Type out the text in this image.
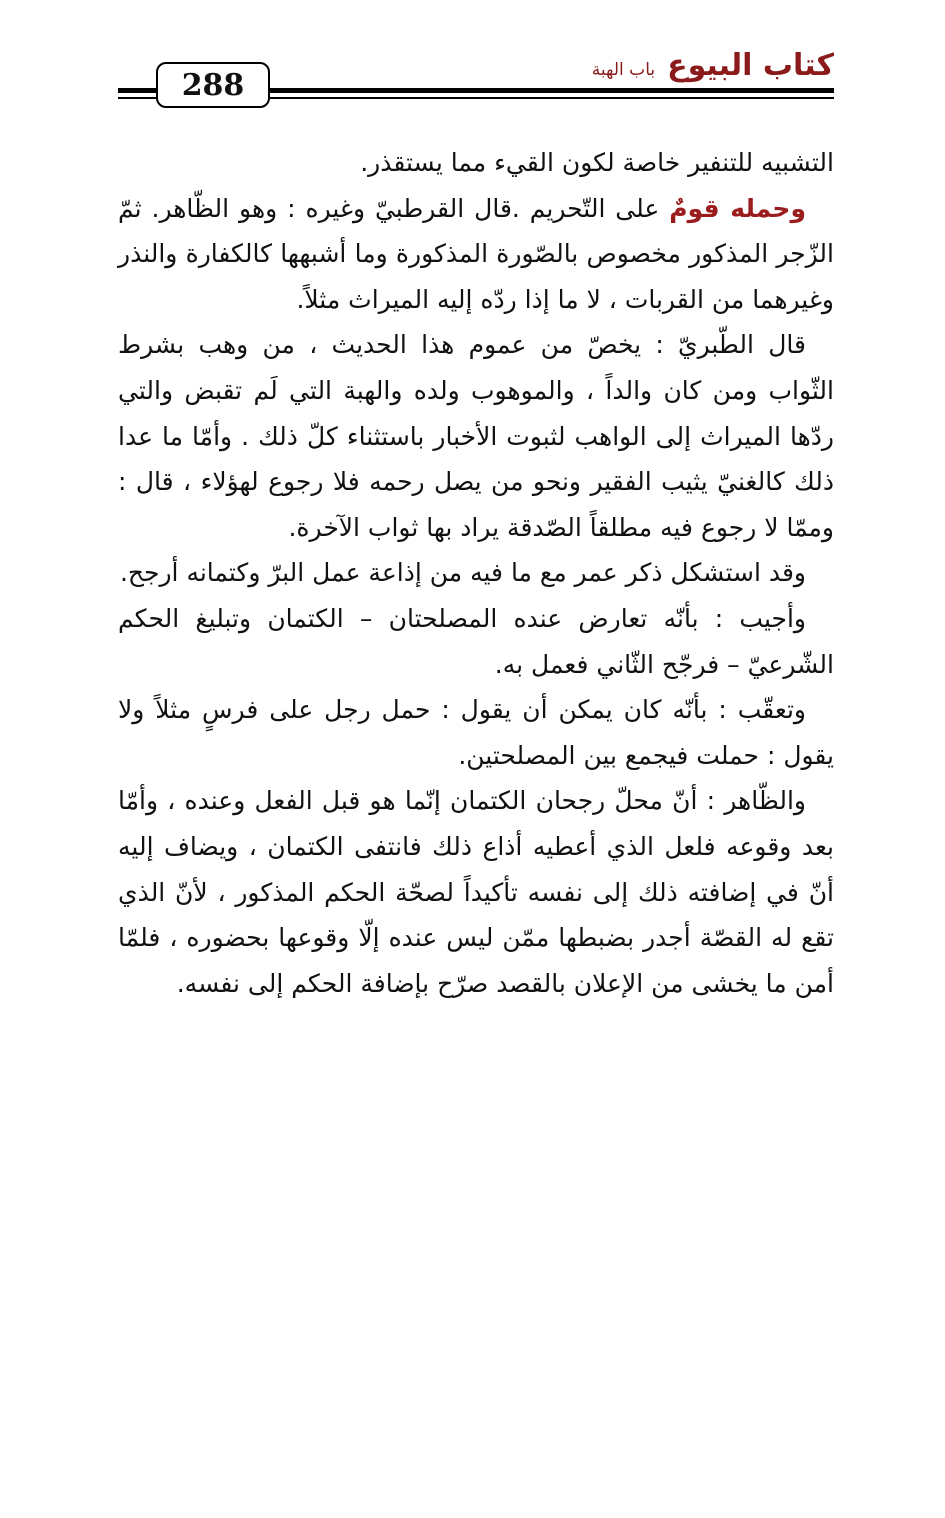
288
كتاب البيوع
باب الهبة

التشبيه للتنفير خاصة لكون القيء مما يستقذر.

وحمله قومٌ على التّحريم .قال القرطبيّ وغيره : وهو الظّاهر. ثمّ الزّجر المذكور مخصوص بالصّورة المذكورة وما أشبهها كالكفارة والنذر وغيرهما من القربات ، لا ما إذا ردّه إليه الميراث مثلاً.

قال الطّبريّ : يخصّ من عموم هذا الحديث ، من وهب بشرط الثّواب ومن كان والداً ، والموهوب ولده والهبة التي لَم تقبض والتي ردّها الميراث إلى الواهب لثبوت الأخبار باستثناء كلّ ذلك . وأمّا ما عدا ذلك كالغنيّ يثيب الفقير ونحو من يصل رحمه فلا رجوع لهؤلاء ، قال : وممّا لا رجوع فيه مطلقاً الصّدقة يراد بها ثواب الآخرة.

وقد استشكل ذكر عمر مع ما فيه من إذاعة عمل البرّ وكتمانه أرجح.

وأجيب : بأنّه تعارض عنده المصلحتان – الكتمان وتبليغ الحكم الشّرعيّ – فرجّح الثّاني فعمل به.

وتعقّب : بأنّه كان يمكن أن يقول : حمل رجل على فرسٍ مثلاً ولا يقول : حملت فيجمع بين المصلحتين.

والظّاهر : أنّ محلّ رجحان الكتمان إنّما هو قبل الفعل وعنده ، وأمّا بعد وقوعه فلعل الذي أعطيه أذاع ذلك فانتفى الكتمان ، ويضاف إليه أنّ في إضافته ذلك إلى نفسه تأكيداً لصحّة الحكم المذكور ، لأنّ الذي تقع له القصّة أجدر بضبطها ممّن ليس عنده إلّا وقوعها بحضوره ، فلمّا أمن ما يخشى من الإعلان بالقصد صرّح بإضافة الحكم إلى نفسه.
